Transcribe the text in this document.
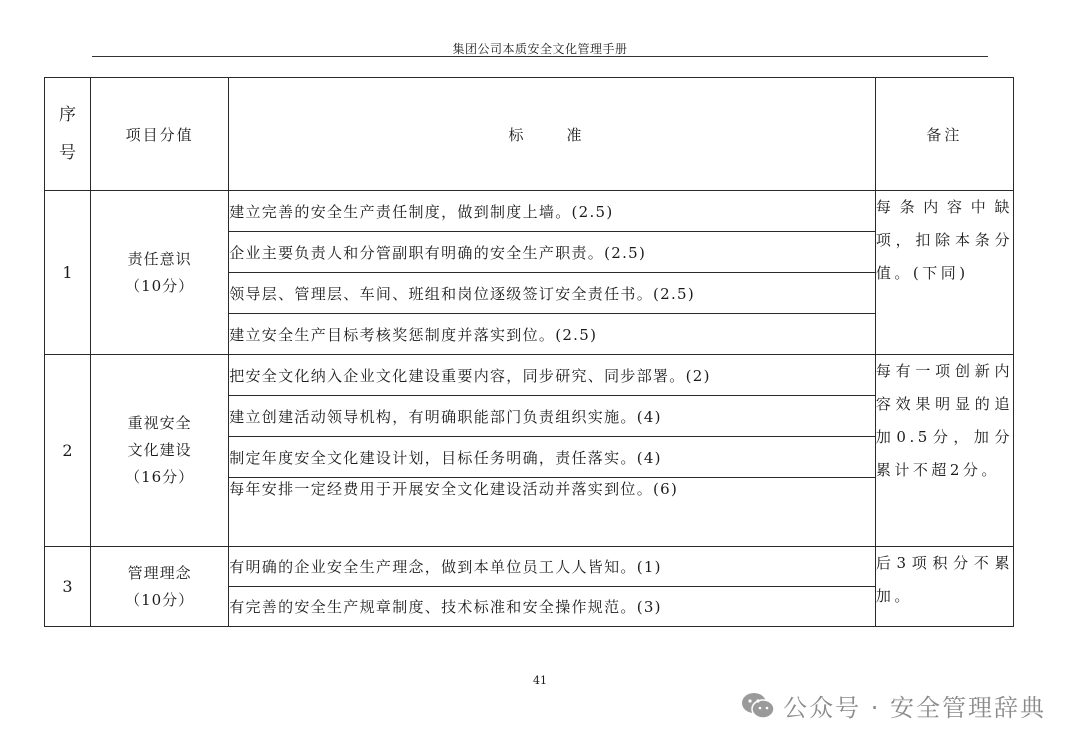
集团公司本质安全文化管理手册
序
号	项目分值	标　准	备注
1	责任意识
（10分）	建立完善的安全生产责任制度，做到制度上墙。(2.5)	每条内容中缺项，扣除本条分值。(下同)
		企业主要负责人和分管副职有明确的安全生产职责。(2.5)	
		领导层、管理层、车间、班组和岗位逐级签订安全责任书。(2.5)	
		建立安全生产目标考核奖惩制度并落实到位。(2.5)	
2	重视安全
文化建设
（16分）	把安全文化纳入企业文化建设重要内容，同步研究、同步部署。(2)	每有一项创新内容效果明显的追加0.5分，加分累计不超2分。
		建立创建活动领导机构，有明确职能部门负责组织实施。(4)	
		制定年度安全文化建设计划，目标任务明确，责任落实。(4)	
		每年安排一定经费用于开展安全文化建设活动并落实到位。(6)	
3	管理理念
（10分）	有明确的企业安全生产理念，做到本单位员工人人皆知。(1)	后3项积分不累加。
		有完善的安全生产规章制度、技术标准和安全操作规范。(3)	
41
公众号 · 安全管理辞典
